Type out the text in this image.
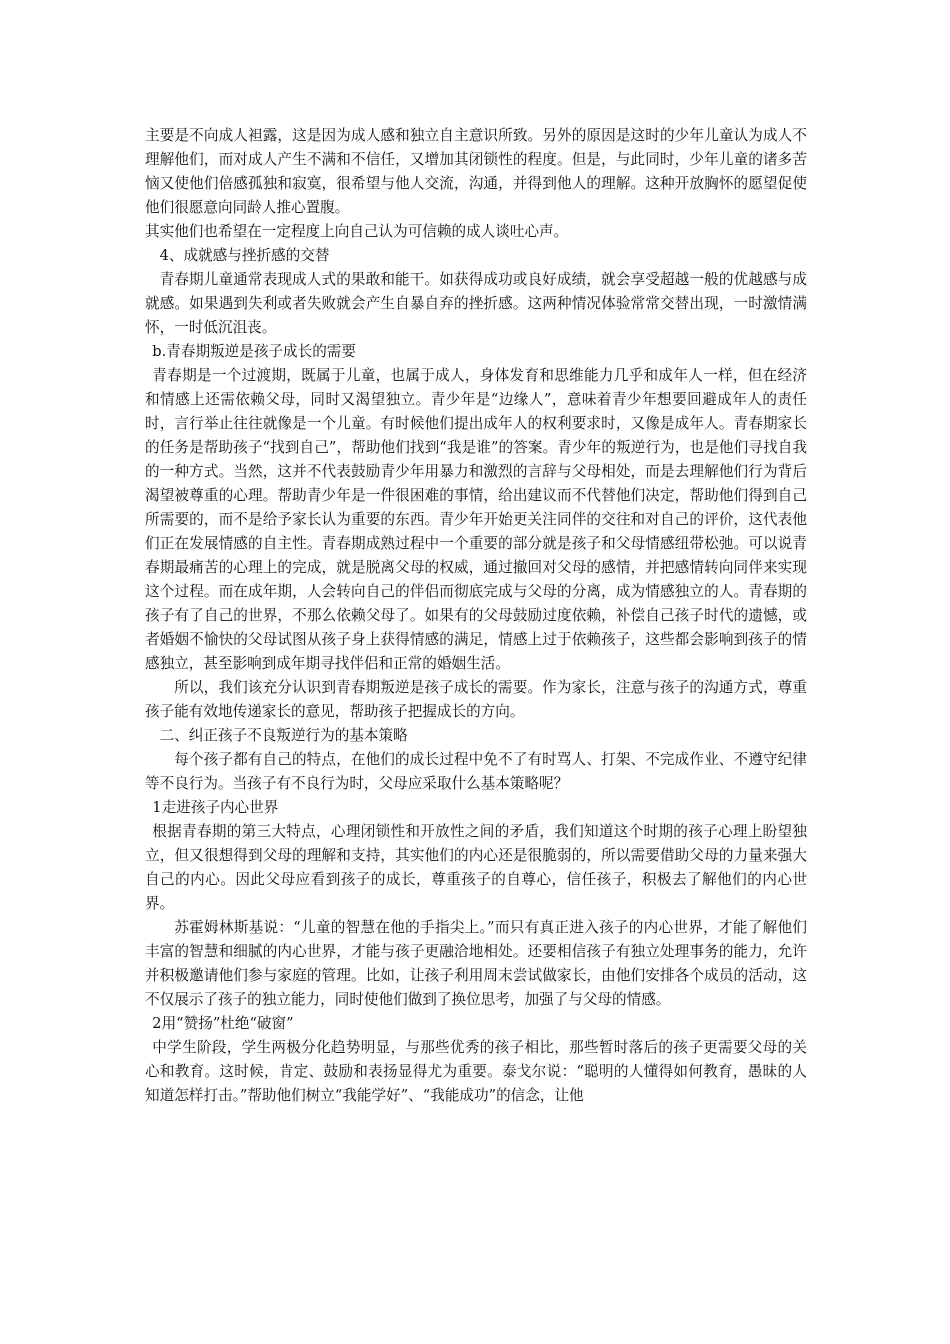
主要是不向成人袒露，这是因为成人感和独立自主意识所致。另外的原因是这时的少年儿童认为成人不理解他们，而对成人产生不满和不信任，又增加其闭锁性的程度。但是，与此同时，少年儿童的诸多苦恼又使他们倍感孤独和寂寞，很希望与他人交流，沟通，并得到他人的理解。这种开放胸怀的愿望促使他们很愿意向同龄人推心置腹。

其实他们也希望在一定程度上向自己认为可信赖的成人谈吐心声。

4、成就感与挫折感的交替

青春期儿童通常表现成人式的果敢和能干。如获得成功或良好成绩，就会享受超越一般的优越感与成就感。如果遇到失利或者失败就会产生自暴自弃的挫折感。这两种情况体验常常交替出现，一时激情满怀，一时低沉沮丧。

b.青春期叛逆是孩子成长的需要

青春期是一个过渡期，既属于儿童，也属于成人，身体发育和思维能力几乎和成年人一样，但在经济和情感上还需依赖父母，同时又渴望独立。青少年是“边缘人”，意味着青少年想要回避成年人的责任时，言行举止往往就像是一个儿童。有时候他们提出成年人的权利要求时，又像是成年人。青春期家长的任务是帮助孩子“找到自己”，帮助他们找到“我是谁”的答案。青少年的叛逆行为，也是他们寻找自我的一种方式。当然，这并不代表鼓励青少年用暴力和激烈的言辞与父母相处，而是去理解他们行为背后渴望被尊重的心理。帮助青少年是一件很困难的事情，给出建议而不代替他们决定，帮助他们得到自己所需要的，而不是给予家长认为重要的东西。青少年开始更关注同伴的交往和对自己的评价，这代表他们正在发展情感的自主性。青春期成熟过程中一个重要的部分就是孩子和父母情感纽带松弛。可以说青春期最痛苦的心理上的完成，就是脱离父母的权威，通过撤回对父母的感情，并把感情转向同伴来实现这个过程。而在成年期，人会转向自己的伴侣而彻底完成与父母的分离，成为情感独立的人。青春期的孩子有了自己的世界，不那么依赖父母了。如果有的父母鼓励过度依赖，补偿自己孩子时代的遗憾，或者婚姻不愉快的父母试图从孩子身上获得情感的满足，情感上过于依赖孩子，这些都会影响到孩子的情感独立，甚至影响到成年期寻找伴侣和正常的婚姻生活。

所以，我们该充分认识到青春期叛逆是孩子成长的需要。作为家长，注意与孩子的沟通方式，尊重孩子能有效地传递家长的意见，帮助孩子把握成长的方向。

二、纠正孩子不良叛逆行为的基本策略

每个孩子都有自己的特点，在他们的成长过程中免不了有时骂人、打架、不完成作业、不遵守纪律等不良行为。当孩子有不良行为时，父母应采取什么基本策略呢？

1走进孩子内心世界

根据青春期的第三大特点，心理闭锁性和开放性之间的矛盾，我们知道这个时期的孩子心理上盼望独立，但又很想得到父母的理解和支持，其实他们的内心还是很脆弱的，所以需要借助父母的力量来强大自己的内心。因此父母应看到孩子的成长，尊重孩子的自尊心，信任孩子，积极去了解他们的内心世界。

苏霍姆林斯基说：“儿童的智慧在他的手指尖上。”而只有真正进入孩子的内心世界，才能了解他们丰富的智慧和细腻的内心世界，才能与孩子更融洽地相处。还要相信孩子有独立处理事务的能力，允许并积极邀请他们参与家庭的管理。比如，让孩子利用周末尝试做家长，由他们安排各个成员的活动，这不仅展示了孩子的独立能力，同时使他们做到了换位思考，加强了与父母的情感。

2用“赞扬”杜绝“破窗”

中学生阶段，学生两极分化趋势明显，与那些优秀的孩子相比，那些暂时落后的孩子更需要父母的关心和教育。这时候，肯定、鼓励和表扬显得尤为重要。泰戈尔说：“聪明的人懂得如何教育，愚昧的人知道怎样打击。”帮助他们树立“我能学好”、“我能成功”的信念，让他
